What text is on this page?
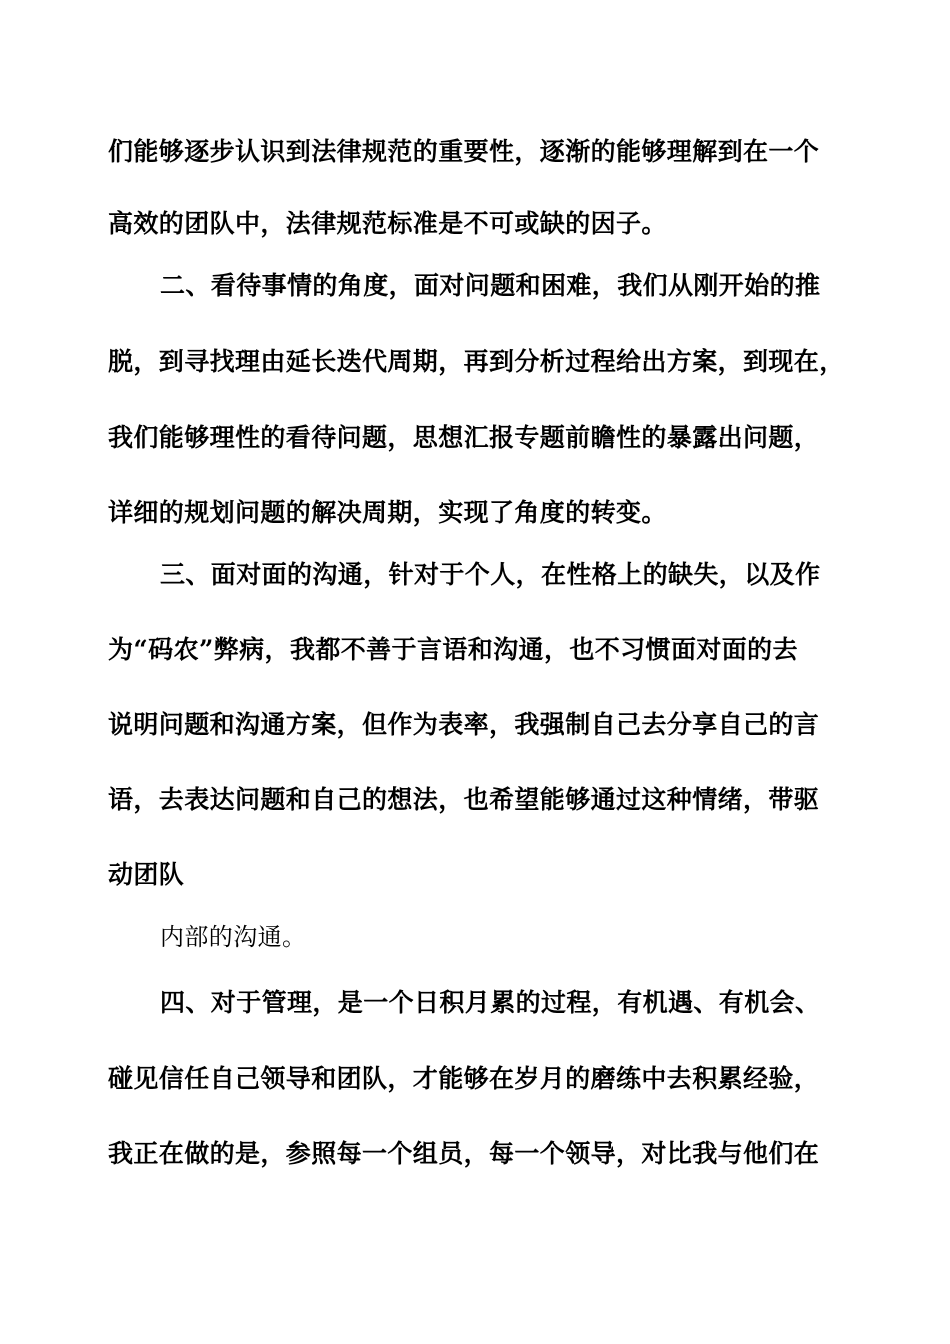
们能够逐步认识到法律规范的重要性，逐渐的能够理解到在一个
高效的团队中，法律规范标准是不可或缺的因子。
二、看待事情的角度，面对问题和困难，我们从刚开始的推
脱，到寻找理由延长迭代周期，再到分析过程给出方案，到现在，
我们能够理性的看待问题，思想汇报专题前瞻性的暴露出问题，
详细的规划问题的解决周期，实现了角度的转变。
三、面对面的沟通，针对于个人，在性格上的缺失，以及作
为“码农”弊病，我都不善于言语和沟通，也不习惯面对面的去
说明问题和沟通方案，但作为表率，我强制自己去分享自己的言
语，去表达问题和自己的想法，也希望能够通过这种情绪，带驱
动团队
内部的沟通。
四、对于管理，是一个日积月累的过程，有机遇、有机会、
碰见信任自己领导和团队，才能够在岁月的磨练中去积累经验，
我正在做的是，参照每一个组员，每一个领导，对比我与他们在
